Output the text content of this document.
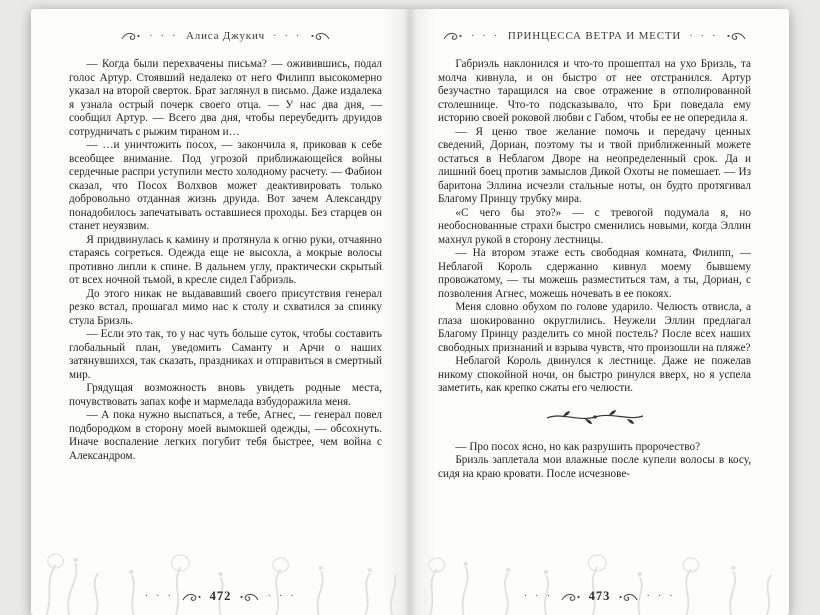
· · · Алиса Джукич · · ·

— Когда были перехвачены письма? — оживившись, подал голос Артур. Стоявший недалеко от него Филипп высокомерно указал на второй сверток. Брат заглянул в письмо. Даже издалека я узнала острый почерк своего отца. — У нас два дня, — сообщил Артур. — Всего два дня, чтобы переубедить друидов сотрудничать с рыжим тираном и…

— …и уничтожить посох, — закончила я, приковав к себе всеобщее внимание. Под угрозой приближающейся войны сердечные распри уступили место холодному расчету. — Фабион сказал, что Посох Волхвов может деактивировать только добровольно отданная жизнь друида. Вот зачем Александру понадобилось запечатывать оставшиеся проходы. Без старцев он станет неуязвим.

Я придвинулась к камину и протянула к огню руки, отчаянно стараясь согреться. Одежда еще не высохла, а мокрые волосы противно липли к спине. В дальнем углу, практически скрытый от всех ночной тьмой, в кресле сидел Габриэль.

До этого никак не выдававший своего присутствия генерал резко встал, прошагал мимо нас к столу и схватился за спинку стула Бризль.

— Если это так, то у нас чуть больше суток, чтобы составить глобальный план, уведомить Саманту и Арчи о наших затянувшихся, так сказать, праздниках и отправиться в смертный мир.

Грядущая возможность вновь увидеть родные места, почувствовать запах кофе и мармелада взбудоражила меня.

— А пока нужно выспаться, а тебе, Агнес, — генерал повел подбородком в сторону моей вымокшей одежды, — обсохнуть. Иначе воспаление легких погубит тебя быстрее, чем война с Александром.

· · ·	472	· · ·
· · · ПРИНЦЕССА ВЕТРА И МЕСТИ · · ·

Габриэль наклонился и что-то прошептал на ухо Бризль, та молча кивнула, и он быстро от нее отстранился. Артур безучастно таращился на свое отражение в отполированной столешнице. Что-то подсказывало, что Бри поведала ему историю своей роковой любви с Габом, чтобы ее не опередила я.

— Я ценю твое желание помочь и передачу ценных сведений, Дориан, поэтому ты и твой приближенный можете остаться в Неблагом Дворе на неопределенный срок. Да и лишний боец против замыслов Дикой Охоты не помешает. — Из баритона Эллина исчезли стальные ноты, он будто протягивал Благому Принцу трубку мира.

«С чего бы это?» — с тревогой подумала я, но необоснованные страхи быстро сменились новыми, когда Эллин махнул рукой в сторону лестницы.

— На втором этаже есть свободная комната, Филипп, — Неблагой Король сдержанно кивнул моему бывшему провожатому, — ты можешь разместиться там, а ты, Дориан, с позволения Агнес, можешь ночевать в ее покоях.

Меня словно обухом по голове ударило. Челюсть отвисла, а глаза шокированно округлились. Неужели Эллин предлагал Благому Принцу разделить со мной постель? После всех наших свободных признаний и взрыва чувств, что произошли на пляже?

Неблагой Король двинулся к лестнице. Даже не пожелав никому спокойной ночи, он быстро ринулся вверх, но я успела заметить, как крепко сжаты его челюсти.

— Про посох ясно, но как разрушить пророчество?

Бризль заплетала мои влажные после купели волосы в косу, сидя на краю кровати. После исчезнове-

· · ·	473	· · ·
